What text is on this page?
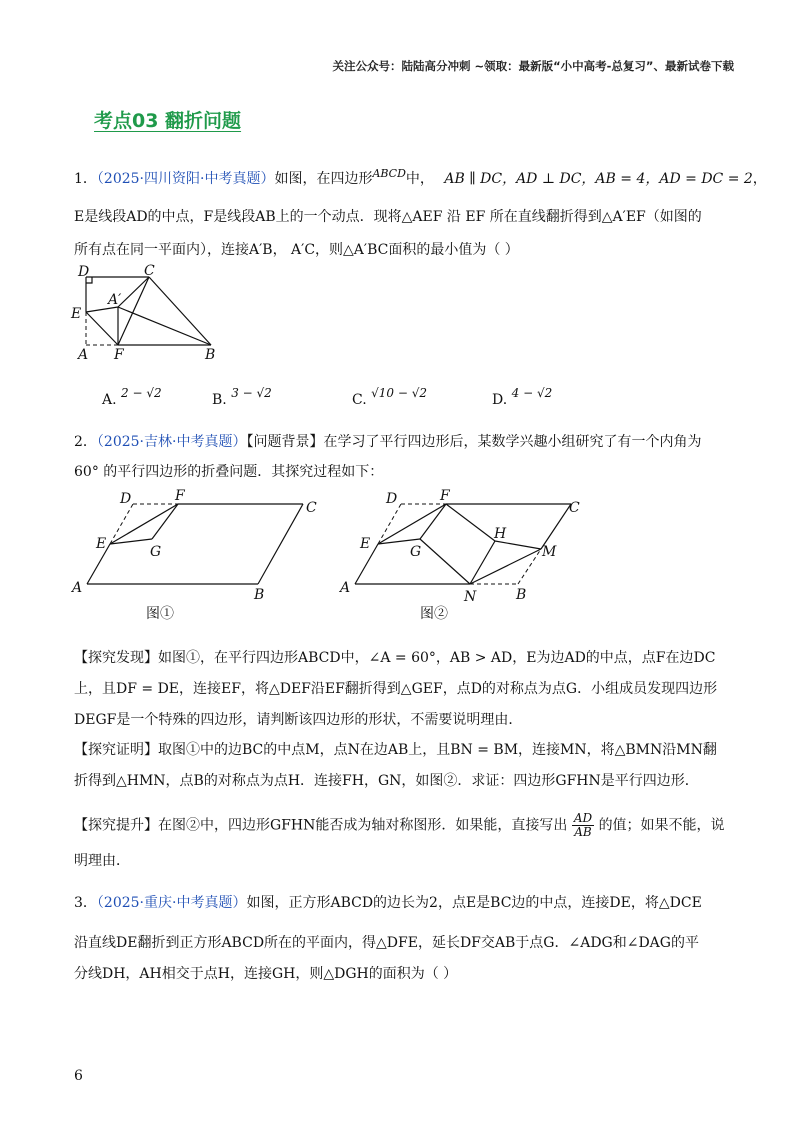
关注公众号：陆陆高分冲刺 ~领取：最新版“小中高考-总复习”、最新试卷下载
考点03 翻折问题
1．（2025·四川资阳·中考真题）如图，在四边形$^{ABCD}$中， AB ∥ DC，AD ⊥ DC，AB = 4，AD = DC = 2，
E是线段AD的中点，F是线段AB上的一个动点．现将△AEF 沿 EF 所在直线翻折得到△A′EF（如图的
所有点在同一平面内），连接A′B， A′C，则△A′BC面积的最小值为（ ）
D	C
A′
E
A F	B
A. 2 − √2	B. 3 − √2	C. √10 − √2	D. 4 − √2
2．（2025·吉林·中考真题）【问题背景】在学习了平行四边形后，某数学兴趣小组研究了有一个内角为
60° 的平行四边形的折叠问题．其探究过程如下：
D	F
C
E	G
A	B
图①
D	F
C
E	G
H
M
A
N	B
图②
【探究发现】如图①，在平行四边形ABCD中，∠A = 60°，AB > AD，E为边AD的中点，点F在边DC
上，且DF = DE，连接EF，将△DEF沿EF翻折得到△GEF，点D的对称点为点G．小组成员发现四边形
DEGF是一个特殊的四边形，请判断该四边形的形状，不需要说明理由．
【探究证明】取图①中的边BC的中点M，点N在边AB上，且BN = BM，连接MN，将△BMN沿MN翻
折得到△HMN，点B的对称点为点H．连接FH，GN，如图②．求证：四边形GFHN是平行四边形．
【探究提升】在图②中，四边形GFHN能否成为轴对称图形．如果能，直接写出 $\frac{AD}{AB}$ 的值；如果不能，说
明理由．
3．（2025·重庆·中考真题）如图，正方形ABCD的边长为2，点E是BC边的中点，连接DE，将△DCE
沿直线DE翻折到正方形ABCD所在的平面内，得△DFE，延长DF交AB于点G．∠ADG和∠DAG的平
分线DH，AH相交于点H，连接GH，则△DGH的面积为（ ）
6
